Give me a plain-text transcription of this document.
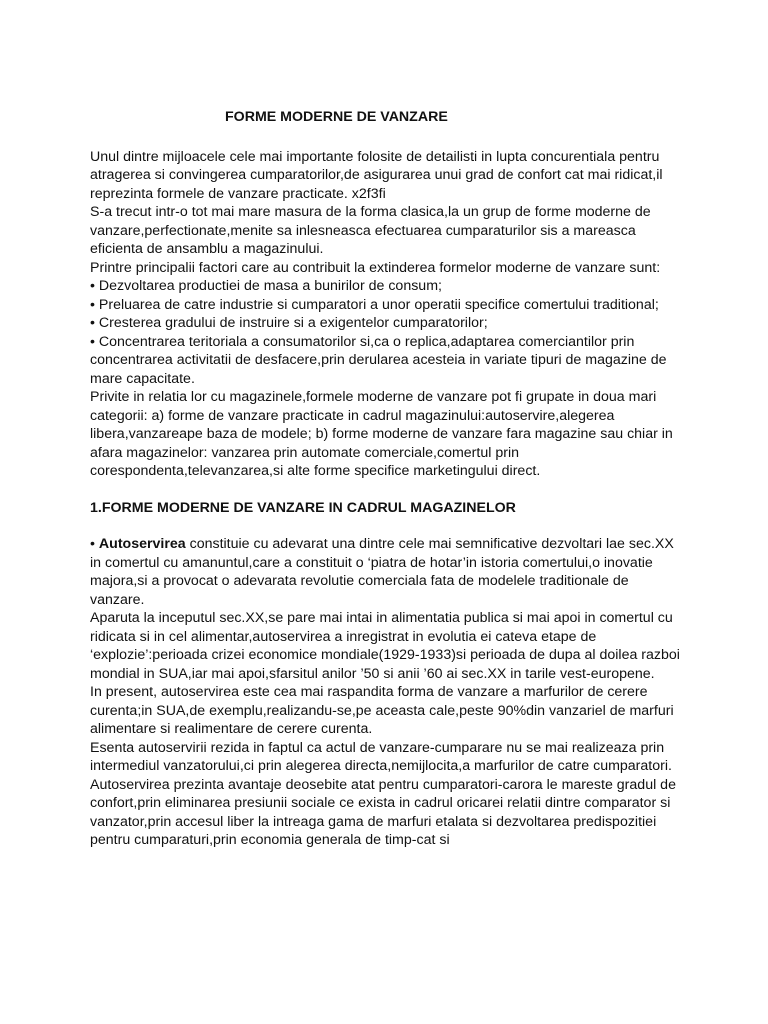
FORME MODERNE DE VANZARE

Unul dintre mijloacele cele mai importante folosite de detailisti in lupta concurentiala pentru atragerea si convingerea cumparatorilor,de asigurarea unui grad de confort cat mai ridicat,il reprezinta formele de vanzare practicate. x2f3fi

S-a trecut intr-o tot mai mare masura de la forma clasica,la un grup de forme moderne de vanzare,perfectionate,menite sa inlesneasca efectuarea cumparaturilor sis a mareasca eficienta de ansamblu a magazinului.

Printre principalii factori care au contribuit la extinderea formelor moderne de vanzare sunt:

• Dezvoltarea productiei de masa a bunirilor de consum;

• Preluarea de catre industrie si cumparatori a unor operatii specifice comertului traditional;

• Cresterea gradului de instruire si a exigentelor cumparatorilor;

• Concentrarea teritoriala a consumatorilor si,ca o replica,adaptarea comerciantilor prin concentrarea activitatii de desfacere,prin derularea acesteia in variate tipuri de magazine de mare capacitate.

Privite in relatia lor cu magazinele,formele moderne de vanzare pot fi grupate in doua mari categorii: a) forme de vanzare practicate in cadrul magazinului:autoservire,alegerea libera,vanzareape baza de modele; b) forme moderne de vanzare fara magazine sau chiar in afara magazinelor: vanzarea prin automate comerciale,comertul prin corespondenta,televanzarea,si alte forme specifice marketingului direct.

1.FORME MODERNE DE VANZARE IN CADRUL MAGAZINELOR

• Autoservirea constituie cu adevarat una dintre cele mai semnificative dezvoltari lae sec.XX in comertul cu amanuntul,care a constituit o ‘piatra de hotar’in istoria comertului,o inovatie majora,si a provocat o adevarata revolutie comerciala fata de modelele traditionale de vanzare.

Aparuta la inceputul sec.XX,se pare mai intai in alimentatia publica si mai apoi in comertul cu ridicata si in cel alimentar,autoservirea a inregistrat in evolutia ei cateva etape de ‘explozie’:perioada crizei economice mondiale(1929-1933)si perioada de dupa al doilea razboi mondial in SUA,iar mai apoi,sfarsitul anilor ’50 si anii ’60 ai sec.XX in tarile vest-europene.

In present, autoservirea este cea mai raspandita forma de vanzare a marfurilor de cerere curenta;in SUA,de exemplu,realizandu-se,pe aceasta cale,peste 90%din vanzariel de marfuri alimentare si realimentare de cerere curenta.

Esenta autoservirii rezida in faptul ca actul de vanzare-cumparare nu se mai realizeaza prin intermediul vanzatorului,ci prin alegerea directa,nemijlocita,a marfurilor de catre cumparatori.

Autoservirea prezinta avantaje deosebite atat pentru cumparatori-carora le mareste gradul de confort,prin eliminarea presiunii sociale ce exista in cadrul oricarei relatii dintre comparator si vanzator,prin accesul liber la intreaga gama de marfuri etalata si dezvoltarea predispozitiei pentru cumparaturi,prin economia generala de timp-cat si
